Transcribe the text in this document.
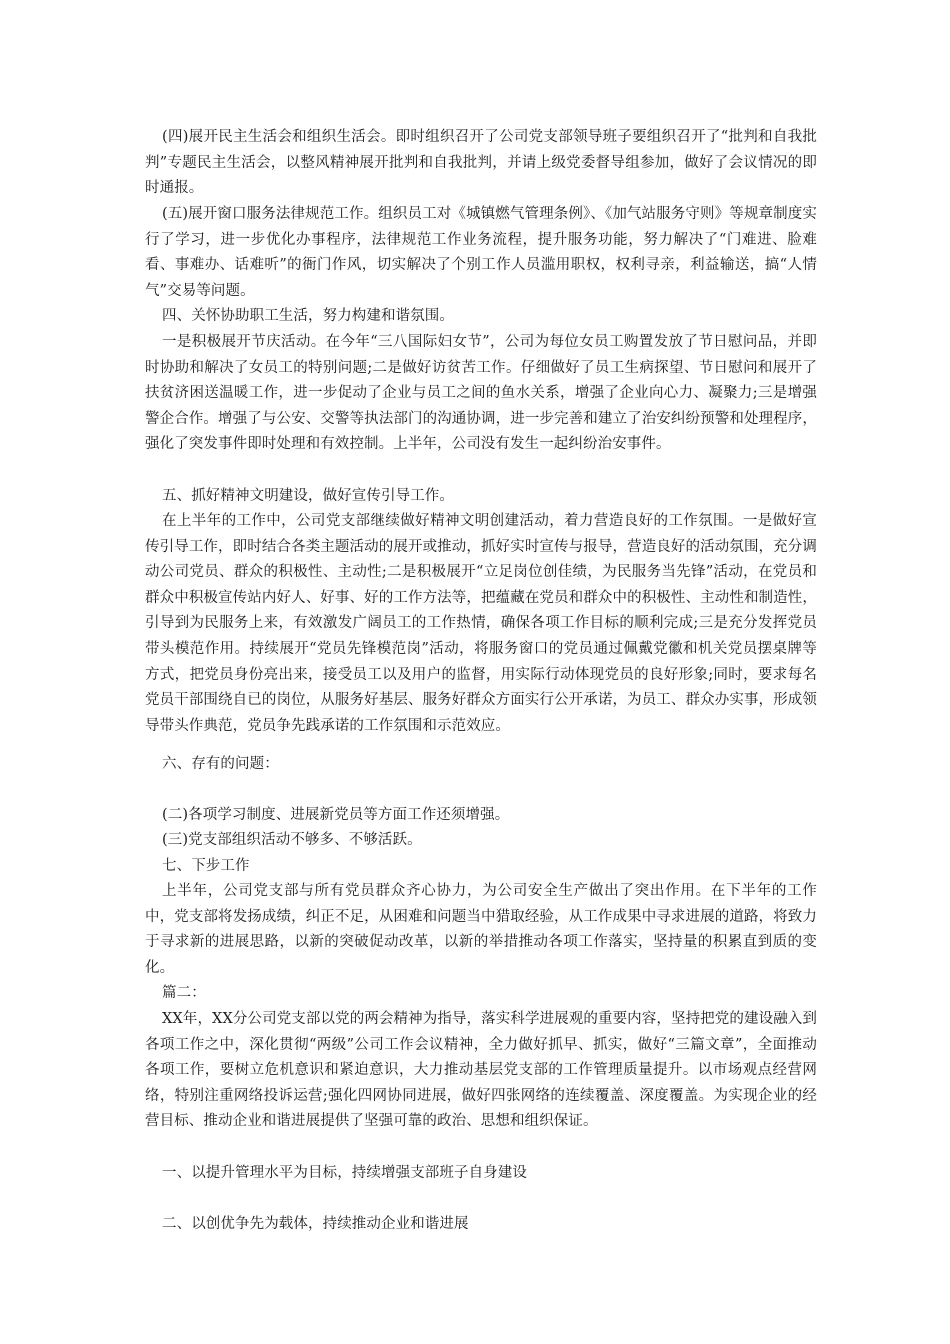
(四)展开民主生活会和组织生活会。即时组织召开了公司党支部领导班子要组织召开了“批判和自我批判”专题民主生活会，以整风精神展开批判和自我批判，并请上级党委督导组参加，做好了会议情况的即时通报。

(五)展开窗口服务法律规范工作。组织员工对《城镇燃气管理条例》、《加气站服务守则》等规章制度实行了学习，进一步优化办事程序，法律规范工作业务流程，提升服务功能，努力解决了“门难进、脸难看、事难办、话难听”的衙门作风，切实解决了个别工作人员滥用职权，权利寻亲，利益输送，搞“人情气”交易等问题。

四、关怀协助职工生活，努力构建和谐氛围。

一是积极展开节庆活动。在今年“三八国际妇女节”，公司为每位女员工购置发放了节日慰问品，并即时协助和解决了女员工的特别问题;二是做好访贫苦工作。仔细做好了员工生病探望、节日慰问和展开了扶贫济困送温暖工作，进一步促动了企业与员工之间的鱼水关系，增强了企业向心力、凝聚力;三是增强警企合作。增强了与公安、交警等执法部门的沟通协调，进一步完善和建立了治安纠纷预警和处理程序，强化了突发事件即时处理和有效控制。上半年，公司没有发生一起纠纷治安事件。

五、抓好精神文明建设，做好宣传引导工作。

在上半年的工作中，公司党支部继续做好精神文明创建活动，着力营造良好的工作氛围。一是做好宣传引导工作，即时结合各类主题活动的展开或推动，抓好实时宣传与报导，营造良好的活动氛围，充分调动公司党员、群众的积极性、主动性;二是积极展开“立足岗位创佳绩，为民服务当先锋”活动，在党员和群众中积极宣传站内好人、好事、好的工作方法等，把蕴藏在党员和群众中的积极性、主动性和制造性，引导到为民服务上来，有效激发广阔员工的工作热情，确保各项工作目标的顺利完成;三是充分发挥党员带头模范作用。持续展开“党员先锋模范岗”活动，将服务窗口的党员通过佩戴党徽和机关党员摆桌牌等方式，把党员身份亮出来，接受员工以及用户的监督，用实际行动体现党员的良好形象;同时，要求每名党员干部围绕自已的岗位，从服务好基层、服务好群众方面实行公开承诺，为员工、群众办实事，形成领导带头作典范，党员争先践承诺的工作氛围和示范效应。

六、存有的问题：

(二)各项学习制度、进展新党员等方面工作还须增强。

(三)党支部组织活动不够多、不够活跃。

七、下步工作

上半年，公司党支部与所有党员群众齐心协力，为公司安全生产做出了突出作用。在下半年的工作中，党支部将发扬成绩，纠正不足，从困难和问题当中猎取经验，从工作成果中寻求进展的道路，将致力于寻求新的进展思路，以新的突破促动改革，以新的举措推动各项工作落实，坚持量的积累直到质的变化。

篇二：

XX年，XX分公司党支部以党的两会精神为指导，落实科学进展观的重要内容，坚持把党的建设融入到各项工作之中，深化贯彻“两级”公司工作会议精神，全力做好抓早、抓实，做好“三篇文章”，全面推动各项工作，要树立危机意识和紧迫意识，大力推动基层党支部的工作管理质量提升。以市场观点经营网络，特别注重网络投诉运营;强化四网协同进展，做好四张网络的连续覆盖、深度覆盖。为实现企业的经营目标、推动企业和谐进展提供了坚强可靠的政治、思想和组织保证。

一、以提升管理水平为目标，持续增强支部班子自身建设

二、以创优争先为载体，持续推动企业和谐进展
